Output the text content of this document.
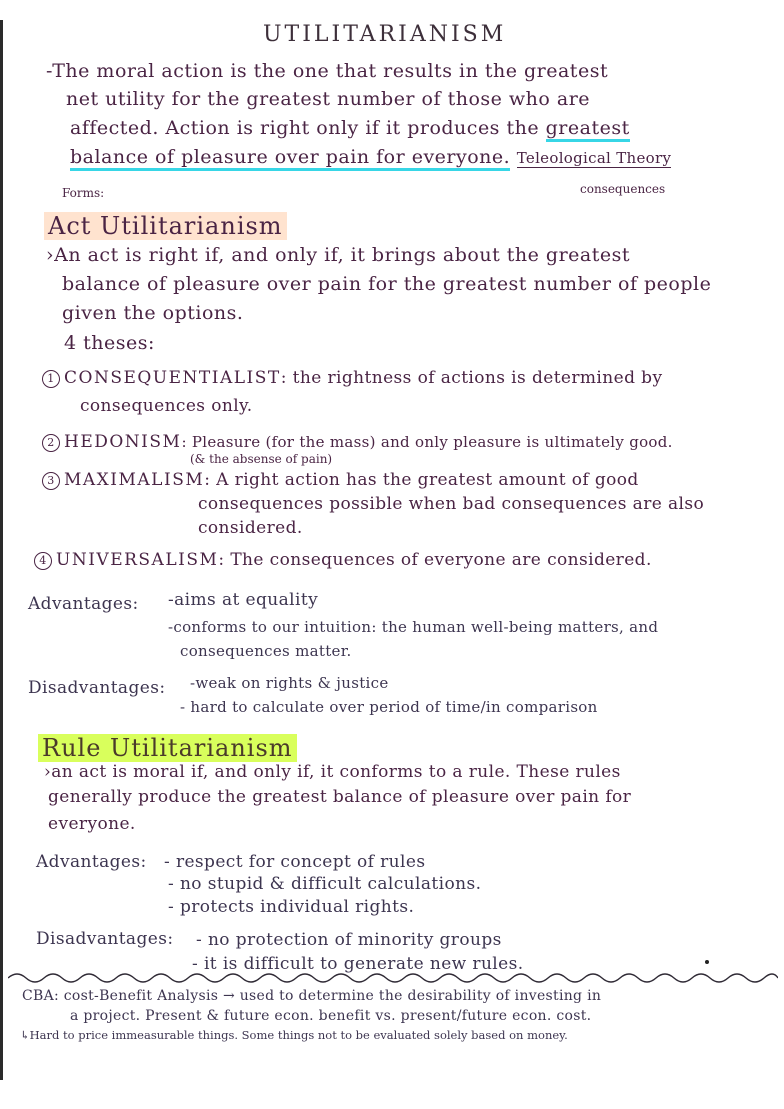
UTILITARIANISM
-The moral action is the one that results in the greatest
net utility for the greatest number of those who are
affected. Action is right only if it produces the greatest
balance of pleasure over pain for everyone. Teleological Theory
Forms:	consequences
Act Utilitarianism
›An act is right if, and only if, it brings about the greatest
balance of pleasure over pain for the greatest number of people
given the options.
4 theses:
1 CONSEQUENTIALIST: the rightness of actions is determined by
consequences only.
2 HEDONISM: Pleasure (for the mass) and only pleasure is ultimately good.
(& the absense of pain)
3 MAXIMALISM: A right action has the greatest amount of good
consequences possible when bad consequences are also
considered.
4 UNIVERSALISM: The consequences of everyone are considered.
Advantages: -aims at equality
-conforms to our intuition: the human well-being matters, and
consequences matter.
Disadvantages: -weak on rights & justice
- hard to calculate over period of time/in comparison
Rule Utilitarianism
›an act is moral if, and only if, it conforms to a rule. These rules
generally produce the greatest balance of pleasure over pain for
everyone.
Advantages: - respect for concept of rules
- no stupid & difficult calculations.
- protects individual rights.
Disadvantages: - no protection of minority groups
- it is difficult to generate new rules.
CBA: cost-Benefit Analysis → used to determine the desirability of investing in
a project. Present & future econ. benefit vs. present/future econ. cost.
↳Hard to price immeasurable things. Some things not to be evaluated solely based on money.
